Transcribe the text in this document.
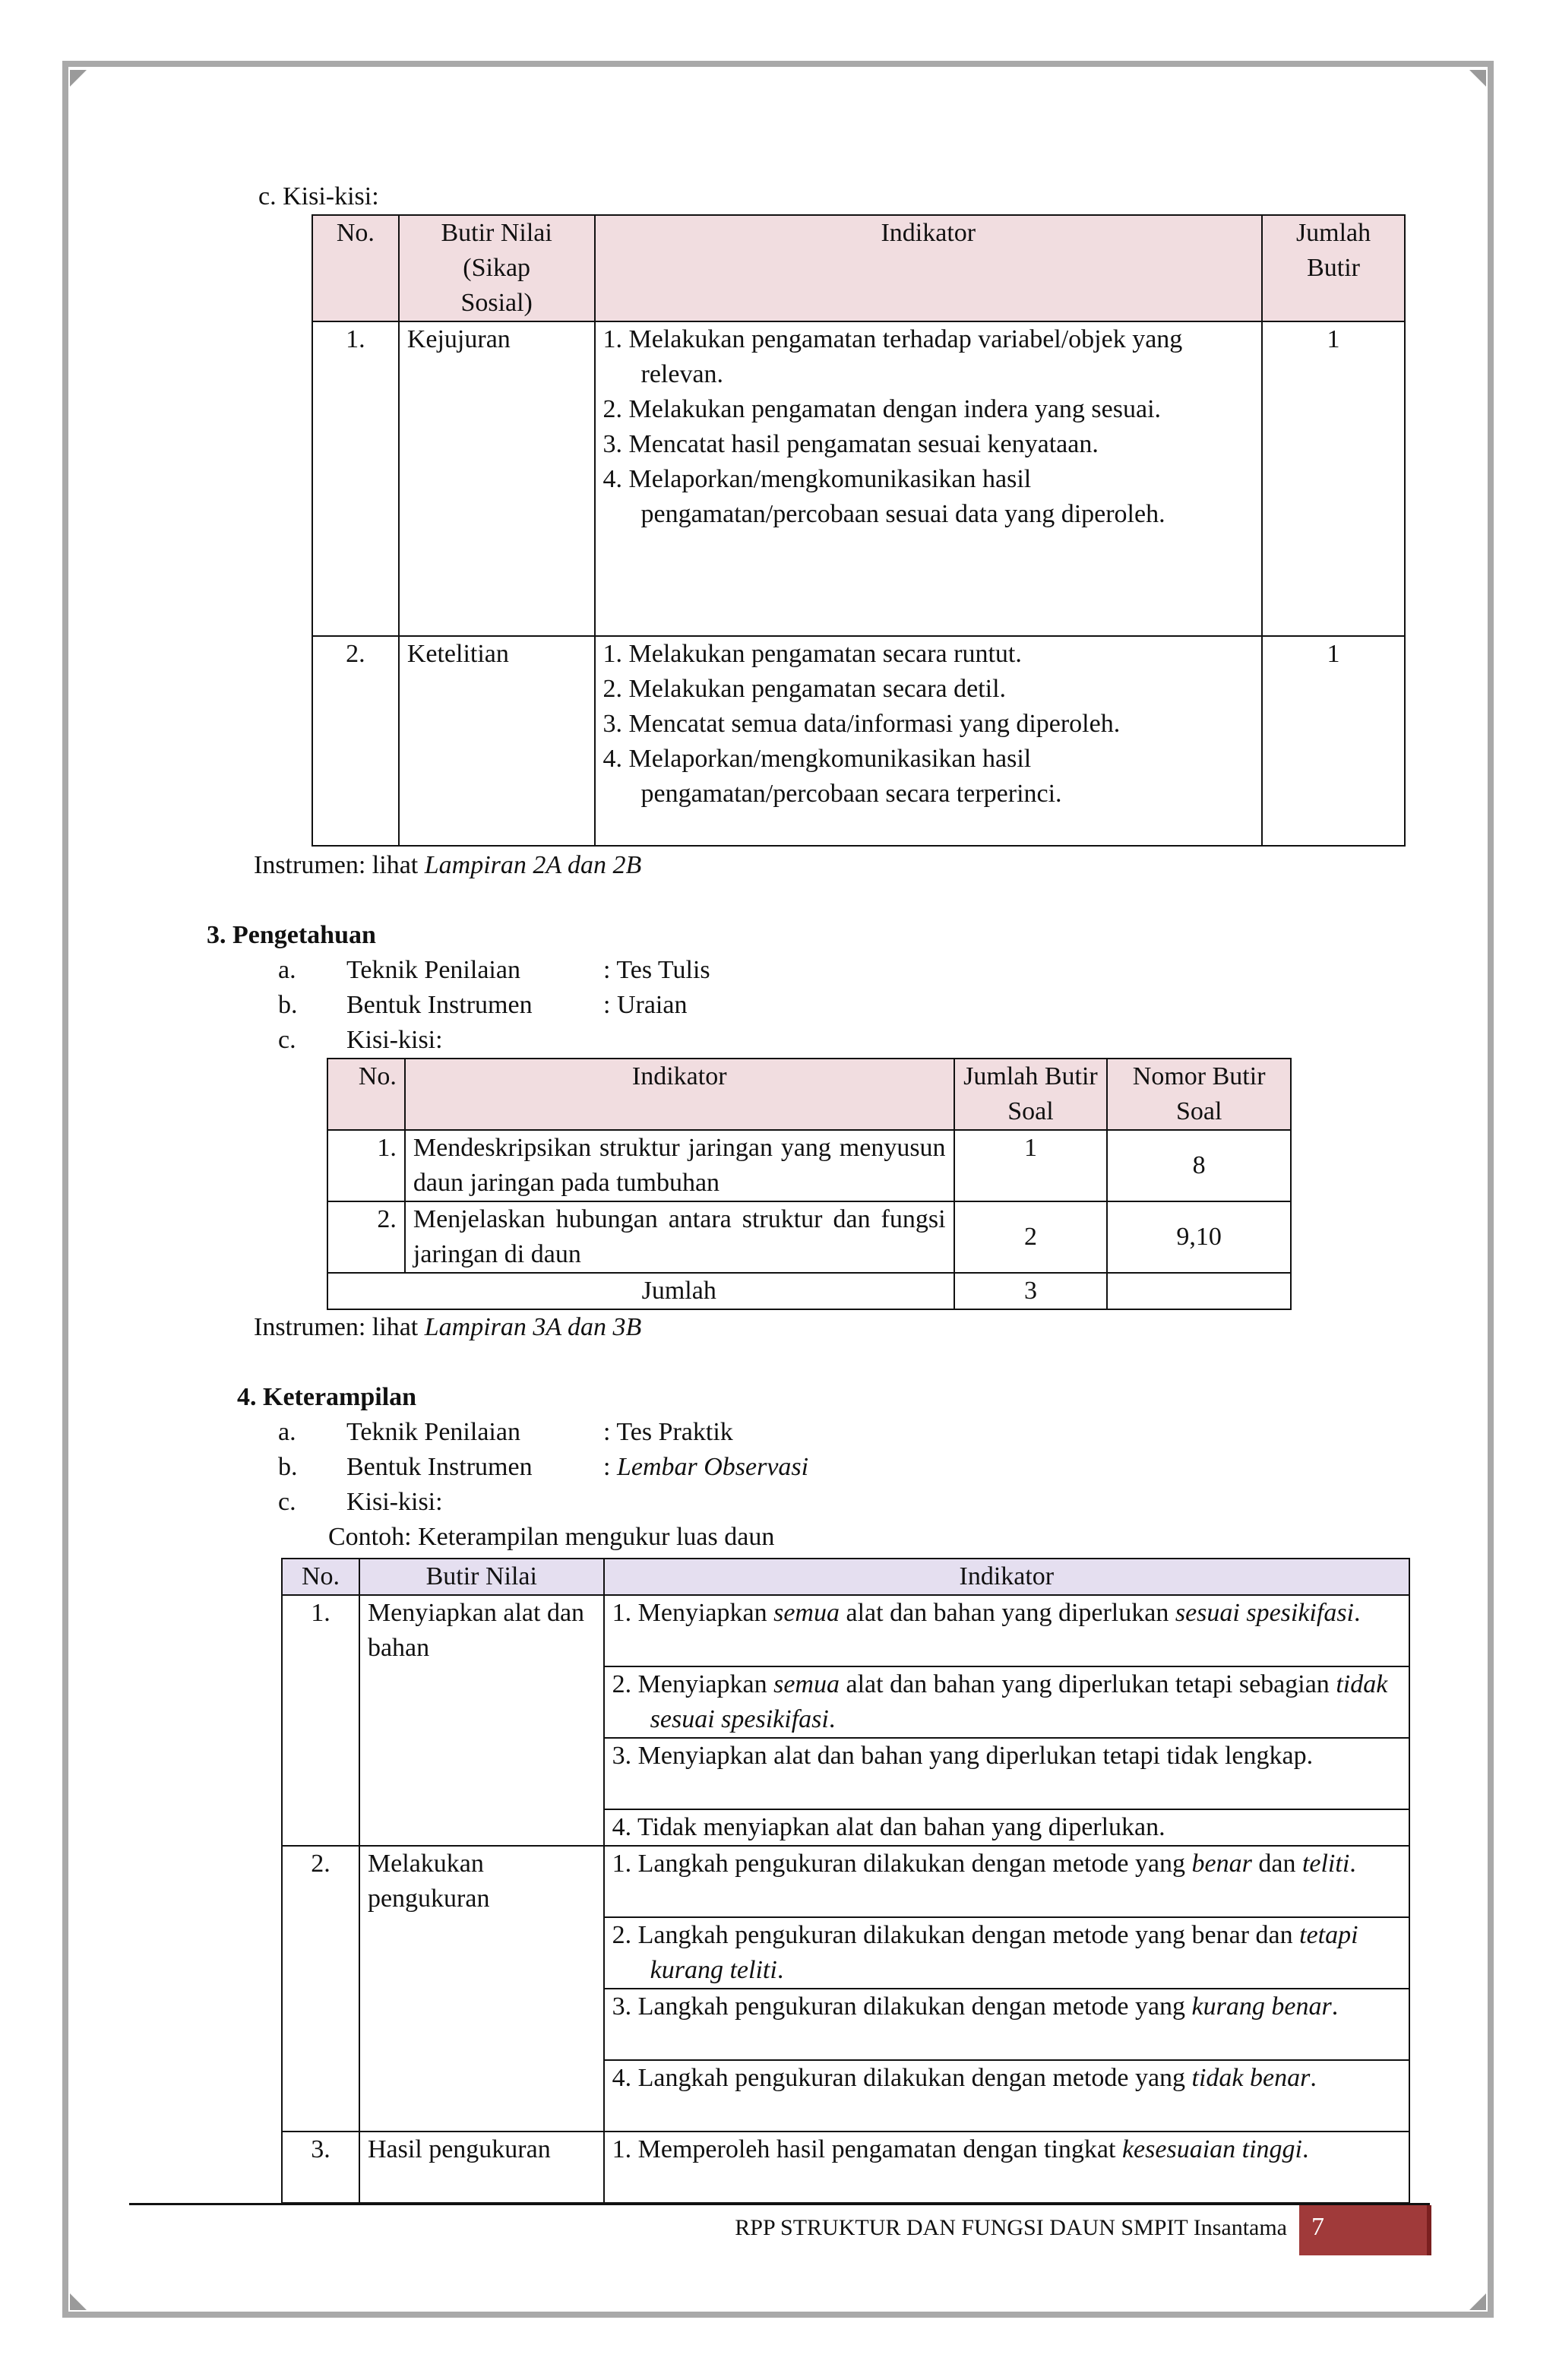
c. Kisi-kisi:
No.	Butir Nilai (Sikap Sosial)	Indikator	Jumlah Butir
1.	Kejujuran	1. Melakukan pengamatan terhadap variabel/objek yang relevan.
2. Melakukan pengamatan dengan indera yang sesuai.
3. Mencatat hasil pengamatan sesuai kenyataan.
4. Melaporkan/mengkomunikasikan hasil pengamatan/percobaan sesuai data yang diperoleh.	1
2.	Ketelitian	1. Melakukan pengamatan secara runtut.
2. Melakukan pengamatan secara detil.
3. Mencatat semua data/informasi yang diperoleh.
4. Melaporkan/mengkomunikasikan hasil pengamatan/percobaan secara terperinci.	1
Instrumen: lihat Lampiran 2A dan 2B
3. Pengetahuan
a. Teknik Penilaian	: Tes Tulis
b. Bentuk Instrumen	: Uraian
c. Kisi-kisi:
No.	Indikator	Jumlah Butir Soal	Nomor Butir Soal
1.	Mendeskripsikan struktur jaringan yang menyusun daun jaringan pada tumbuhan	1	8
2.	Menjelaskan hubungan antara struktur dan fungsi jaringan di daun	2	9,10
	Jumlah	3	
Instrumen: lihat Lampiran 3A dan 3B
4. Keterampilan
a. Teknik Penilaian	: Tes Praktik
b. Bentuk Instrumen	: Lembar Observasi
c. Kisi-kisi:
Contoh: Keterampilan mengukur luas daun
No.	Butir Nilai	Indikator
1.	Menyiapkan alat dan bahan	1. Menyiapkan semua alat dan bahan yang diperlukan sesuai spesikifasi.

		2. Menyiapkan semua alat dan bahan yang diperlukan tetapi sebagian tidak sesuai spesikifasi.

		3. Menyiapkan alat dan bahan yang diperlukan tetapi tidak lengkap.

		4. Tidak menyiapkan alat dan bahan yang diperlukan.

2.	Melakukan pengukuran	1. Langkah pengukuran dilakukan dengan metode yang benar dan teliti.

		2. Langkah pengukuran dilakukan dengan metode yang benar dan tetapi kurang teliti.

		3. Langkah pengukuran dilakukan dengan metode yang kurang benar.

		4. Langkah pengukuran dilakukan dengan metode yang tidak benar.

3.	Hasil pengukuran	1. Memperoleh hasil pengamatan dengan tingkat kesesuaian tinggi.
RPP STRUKTUR DAN FUNGSI DAUN SMPIT Insantama 7
